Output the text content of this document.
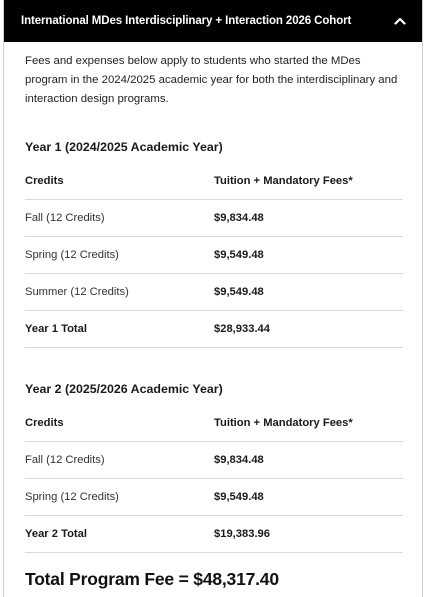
International MDes Interdisciplinary + Interaction 2026 Cohort

Fees and expenses below apply to students who started the MDes program in the 2024/2025 academic year for both the interdisciplinary and interaction design programs.

Year 1 (2024/2025 Academic Year)
Credits	Tuition + Mandatory Fees*
Fall (12 Credits)	$9,834.48
Spring (12 Credits)	$9,549.48
Summer (12 Credits)	$9,549.48
Year 1 Total	$28,933.44
Year 2 (2025/2026 Academic Year)
Credits	Tuition + Mandatory Fees*
Fall (12 Credits)	$9,834.48
Spring (12 Credits)	$9,549.48
Year 2 Total	$19,383.96
Total Program Fee = $48,317.40
